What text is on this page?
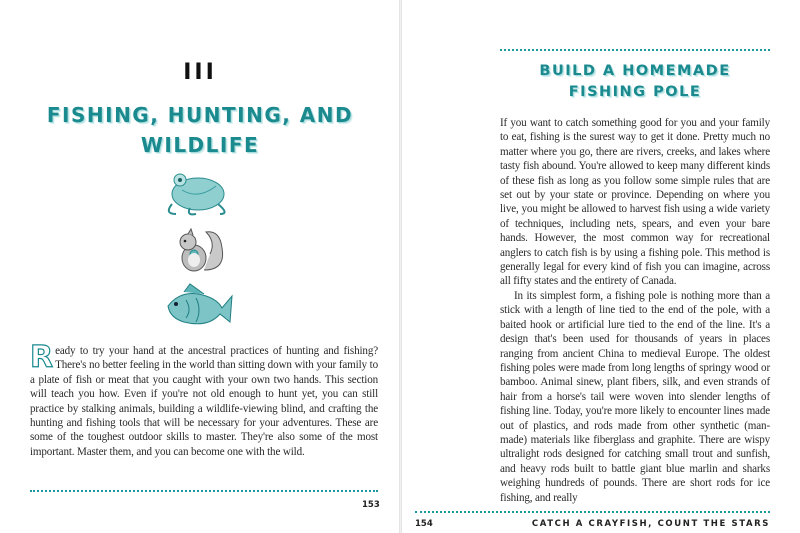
III
FISHING, HUNTING, AND WILDLIFE
Ready to try your hand at the ancestral practices of hunting and fishing? There's no better feeling in the world than sitting down with your family to a plate of fish or meat that you caught with your own two hands. This section will teach you how. Even if you're not old enough to hunt yet, you can still practice by stalking animals, building a wildlife-viewing blind, and crafting the hunting and fishing tools that will be necessary for your adventures. These are some of the toughest outdoor skills to master. They're also some of the most important. Master them, and you can become one with the wild.
153
BUILD A HOMEMADE FISHING POLE

If you want to catch something good for you and your family to eat, fishing is the surest way to get it done. Pretty much no matter where you go, there are rivers, creeks, and lakes where tasty fish abound. You're allowed to keep many different kinds of these fish as long as you follow some simple rules that are set out by your state or province. Depending on where you live, you might be allowed to harvest fish using a wide variety of techniques, including nets, spears, and even your bare hands. However, the most common way for recreational anglers to catch fish is by using a fishing pole. This method is generally legal for every kind of fish you can imagine, across all fifty states and the entirety of Canada.

In its simplest form, a fishing pole is nothing more than a stick with a length of line tied to the end of the pole, with a baited hook or artificial lure tied to the end of the line. It's a design that's been used for thousands of years in places ranging from ancient China to medieval Europe. The oldest fishing poles were made from long lengths of springy wood or bamboo. Animal sinew, plant fibers, silk, and even strands of hair from a horse's tail were woven into slender lengths of fishing line. Today, you're more likely to encounter lines made out of plastics, and rods made from other synthetic (man-made) materials like fiberglass and graphite. There are wispy ultralight rods designed for catching small trout and sunfish, and heavy rods built to battle giant blue marlin and sharks weighing hundreds of pounds. There are short rods for ice fishing, and really

154	CATCH A CRAYFISH, COUNT THE STARS
